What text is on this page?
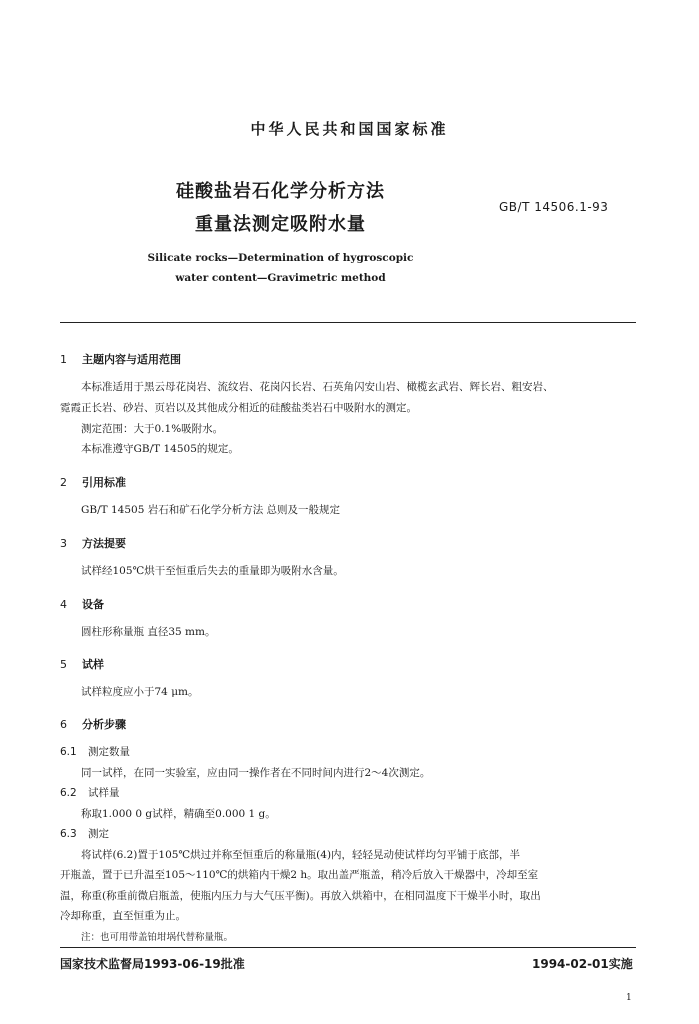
中华人民共和国国家标准
硅酸盐岩石化学分析方法
重量法测定吸附水量
GB/T 14506.1-93
Silicate rocks—Determination of hygroscopic
water content—Gravimetric method
1 主题内容与适用范围
本标准适用于黑云母花岗岩、流纹岩、花岗闪长岩、石英角闪安山岩、橄榄玄武岩、辉长岩、粗安岩、
霓霞正长岩、砂岩、页岩以及其他成分相近的硅酸盐类岩石中吸附水的测定。
测定范围：大于0.1%吸附水。
本标准遵守GB/T 14505的规定。
2 引用标准
GB/T 14505 岩石和矿石化学分析方法 总则及一般规定
3 方法提要
试样经105℃烘干至恒重后失去的重量即为吸附水含量。
4 设备
圆柱形称量瓶 直径35 mm。
5 试样
试样粒度应小于74 μm。
6 分析步骤
6.1 测定数量
同一试样，在同一实验室，应由同一操作者在不同时间内进行2～4次测定。
6.2 试样量
称取1.000 0 g试样，精确至0.000 1 g。
6.3 测定
将试样(6.2)置于105℃烘过并称至恒重后的称量瓶(4)内，轻轻晃动使试样均匀平铺于底部，半
开瓶盖，置于已升温至105～110℃的烘箱内干燥2 h。取出盖严瓶盖，稍冷后放入干燥器中，冷却至室
温，称重(称重前微启瓶盖，使瓶内压力与大气压平衡)。再放入烘箱中，在相同温度下干燥半小时，取出
冷却称重，直至恒重为止。
注：也可用带盖铂坩埚代替称量瓶。
国家技术监督局1993-06-19批准	1994-02-01实施
1
